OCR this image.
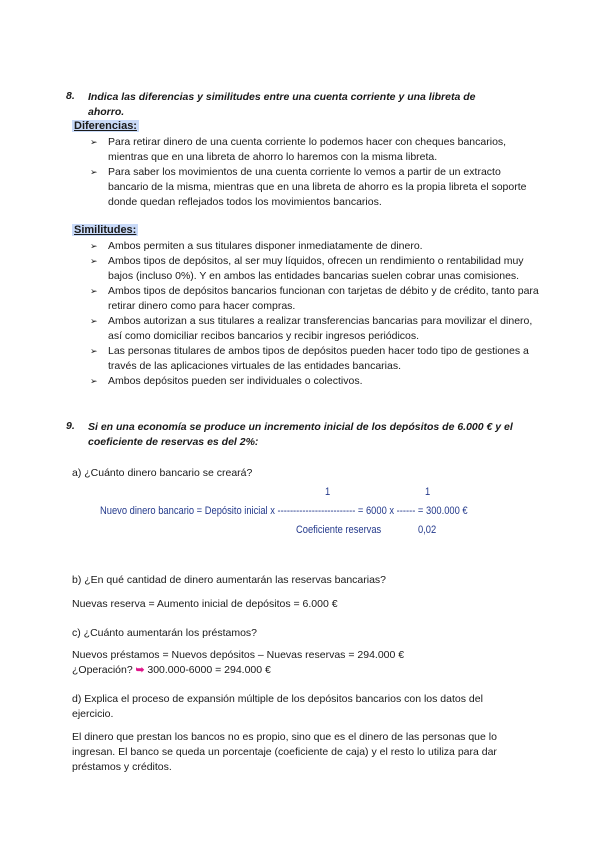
8. Indica las diferencias y similitudes entre una cuenta corriente y una libreta de ahorro.
Diferencias:
➢ Para retirar dinero de una cuenta corriente lo podemos hacer con cheques bancarios, mientras que en una libreta de ahorro lo haremos con la misma libreta.
➢ Para saber los movimientos de una cuenta corriente lo vemos a partir de un extracto bancario de la misma, mientras que en una libreta de ahorro es la propia libreta el soporte donde quedan reflejados todos los movimientos bancarios.
Similitudes:
➢ Ambos permiten a sus titulares disponer inmediatamente de dinero.
➢ Ambos tipos de depósitos, al ser muy líquidos, ofrecen un rendimiento o rentabilidad muy bajos (incluso 0%). Y en ambos las entidades bancarias suelen cobrar unas comisiones.
➢ Ambos tipos de depósitos bancarios funcionan con tarjetas de débito y de crédito, tanto para retirar dinero como para hacer compras.
➢ Ambos autorizan a sus titulares a realizar transferencias bancarias para movilizar el dinero, así como domiciliar recibos bancarios y recibir ingresos periódicos.
➢ Las personas titulares de ambos tipos de depósitos pueden hacer todo tipo de gestiones a través de las aplicaciones virtuales de las entidades bancarias.
➢ Ambos depósitos pueden ser individuales o colectivos.
9. Si en una economía se produce un incremento inicial de los depósitos de 6.000 € y el coeficiente de reservas es del 2%:
a) ¿Cuánto dinero bancario se creará?
1	1
Nuevo dinero bancario = Depósito inicial x ------------------------- = 6000 x ------ = 300.000 €
Coeficiente reservas	0,02
b) ¿En qué cantidad de dinero aumentarán las reservas bancarias?
Nuevas reserva = Aumento inicial de depósitos = 6.000 €
c) ¿Cuánto aumentarán los préstamos?
Nuevos préstamos = Nuevos depósitos – Nuevas reservas = 294.000 €
¿Operación? ➥ 300.000-6000 = 294.000 €
d) Explica el proceso de expansión múltiple de los depósitos bancarios con los datos del ejercicio.
El dinero que prestan los bancos no es propio, sino que es el dinero de las personas que lo ingresan. El banco se queda un porcentaje (coeficiente de caja) y el resto lo utiliza para dar préstamos y créditos.
